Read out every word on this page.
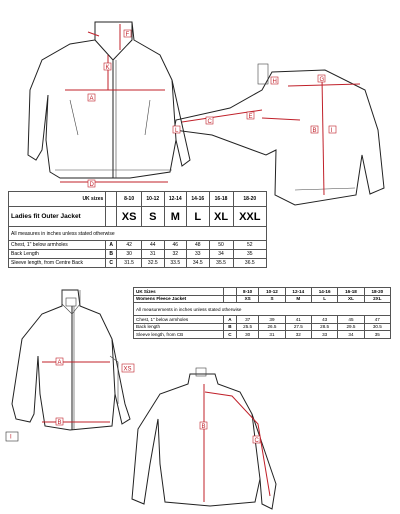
F
K
A
D
H	G
C
E
B I
L
UK sizes		8-10	10-12	12-14	14-16	16-18	18-20
Ladies fit Outer Jacket		XS	S	M	L	XL	XXL
All measures in inches unless stated otherwise							
Chest, 1" below armholes	A	42	44	46	48	50	52
Back Length	B	30	31	32	33	34	35
Sleeve length, from Centre Back	C	31.5	32.5	33.5	34.5	35.5	36.5
A
XS
B
I
B
C
UK Sizes		8-10	10-12	12-14	14-16	16-18	18-20
Womens Fleece Jacket		XS	S	M	L	XL	2XL
All measurements in inches unless stated otherwise							
Chest, 1" below armholes	A	37	39	41	43	45	47
Back length	B	25.5	26.5	27.5	28.5	29.5	30.5
Sleeve length, from CB	C	30	31	32	33	34	35
